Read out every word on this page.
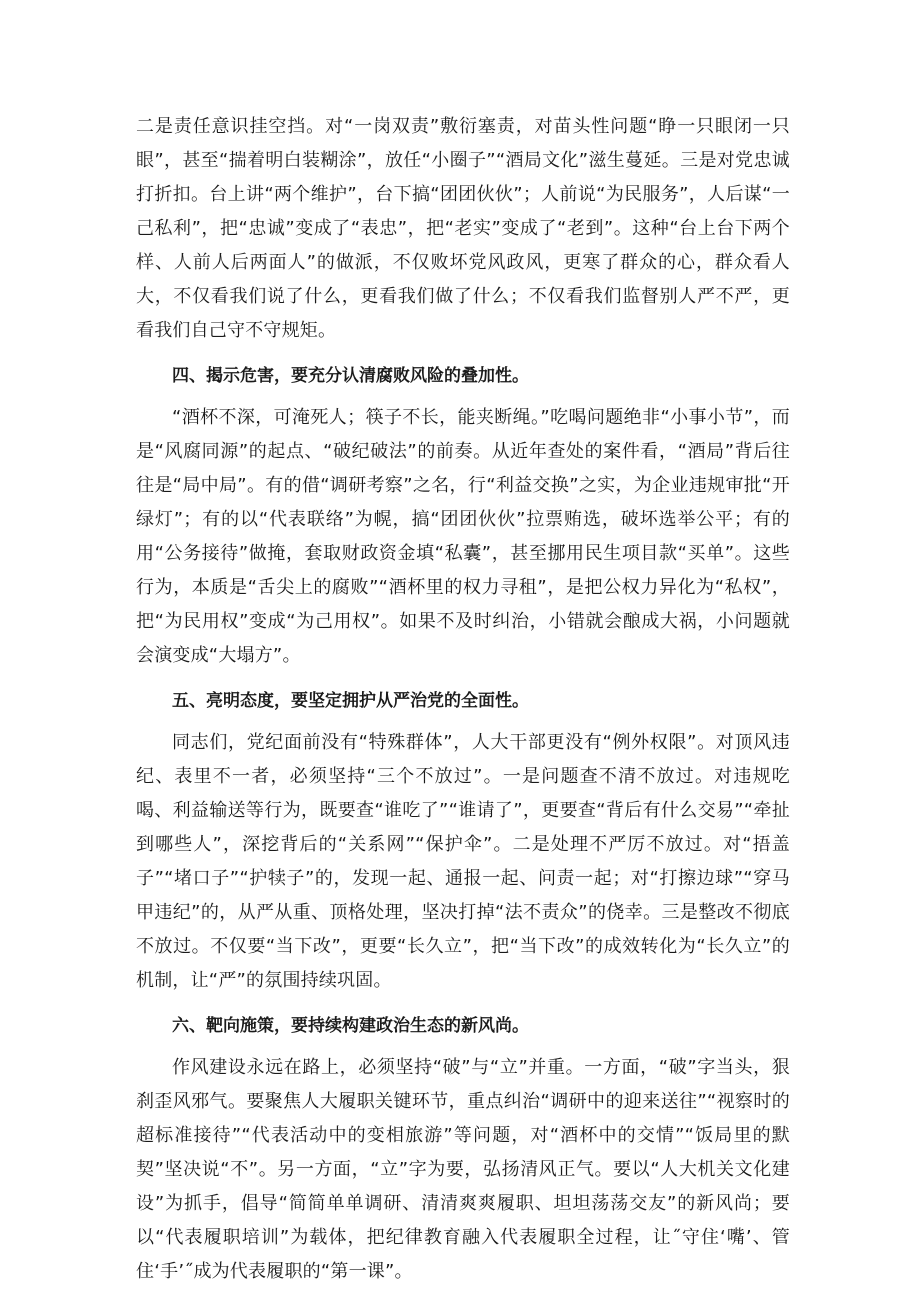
二是责任意识挂空挡。对“一岗双责”敷衍塞责，对苗头性问题“睁一只眼闭一只眼”，甚至“揣着明白装糊涂”，放任“小圈子”“酒局文化”滋生蔓延。三是对党忠诚打折扣。台上讲“两个维护”，台下搞“团团伙伙”；人前说“为民服务”，人后谋“一己私利”，把“忠诚”变成了“表忠”，把“老实”变成了“老到”。这种“台上台下两个样、人前人后两面人”的做派，不仅败坏党风政风，更寒了群众的心，群众看人大，不仅看我们说了什么，更看我们做了什么；不仅看我们监督别人严不严，更看我们自己守不守规矩。

四、揭示危害，要充分认清腐败风险的叠加性。

“酒杯不深，可淹死人；筷子不长，能夹断绳。”吃喝问题绝非“小事小节”，而是“风腐同源”的起点、“破纪破法”的前奏。从近年查处的案件看，“酒局”背后往往是“局中局”。有的借“调研考察”之名，行“利益交换”之实，为企业违规审批“开绿灯”；有的以“代表联络”为幌，搞“团团伙伙”拉票贿选，破坏选举公平；有的用“公务接待”做掩，套取财政资金填“私囊”，甚至挪用民生项目款“买单”。这些行为，本质是“舌尖上的腐败”“酒杯里的权力寻租”，是把公权力异化为“私权”，把“为民用权”变成“为己用权”。如果不及时纠治，小错就会酿成大祸，小问题就会演变成“大塌方”。

五、亮明态度，要坚定拥护从严治党的全面性。

同志们，党纪面前没有“特殊群体”，人大干部更没有“例外权限”。对顶风违纪、表里不一者，必须坚持“三个不放过”。一是问题查不清不放过。对违规吃喝、利益输送等行为，既要查“谁吃了”“谁请了”，更要查“背后有什么交易”“牵扯到哪些人”，深挖背后的“关系网”“保护伞”。二是处理不严厉不放过。对“捂盖子”“堵口子”“护犊子”的，发现一起、通报一起、问责一起；对“打擦边球”“穿马甲违纪”的，从严从重、顶格处理，坚决打掉“法不责众”的侥幸。三是整改不彻底不放过。不仅要“当下改”，更要“长久立”，把“当下改”的成效转化为“长久立”的机制，让“严”的氛围持续巩固。

六、靶向施策，要持续构建政治生态的新风尚。

作风建设永远在路上，必须坚持“破”与“立”并重。一方面，“破”字当头，狠刹歪风邪气。要聚焦人大履职关键环节，重点纠治“调研中的迎来送往”“视察时的超标准接待”“代表活动中的变相旅游”等问题，对“酒杯中的交情”“饭局里的默契”坚决说“不”。另一方面，“立”字为要，弘扬清风正气。要以“人大机关文化建设”为抓手，倡导“简简单单调研、清清爽爽履职、坦坦荡荡交友”的新风尚；要以“代表履职培训”为载体，把纪律教育融入代表履职全过程，让˝守住‘嘴’、管住‘手’˝成为代表履职的“第一课”。
